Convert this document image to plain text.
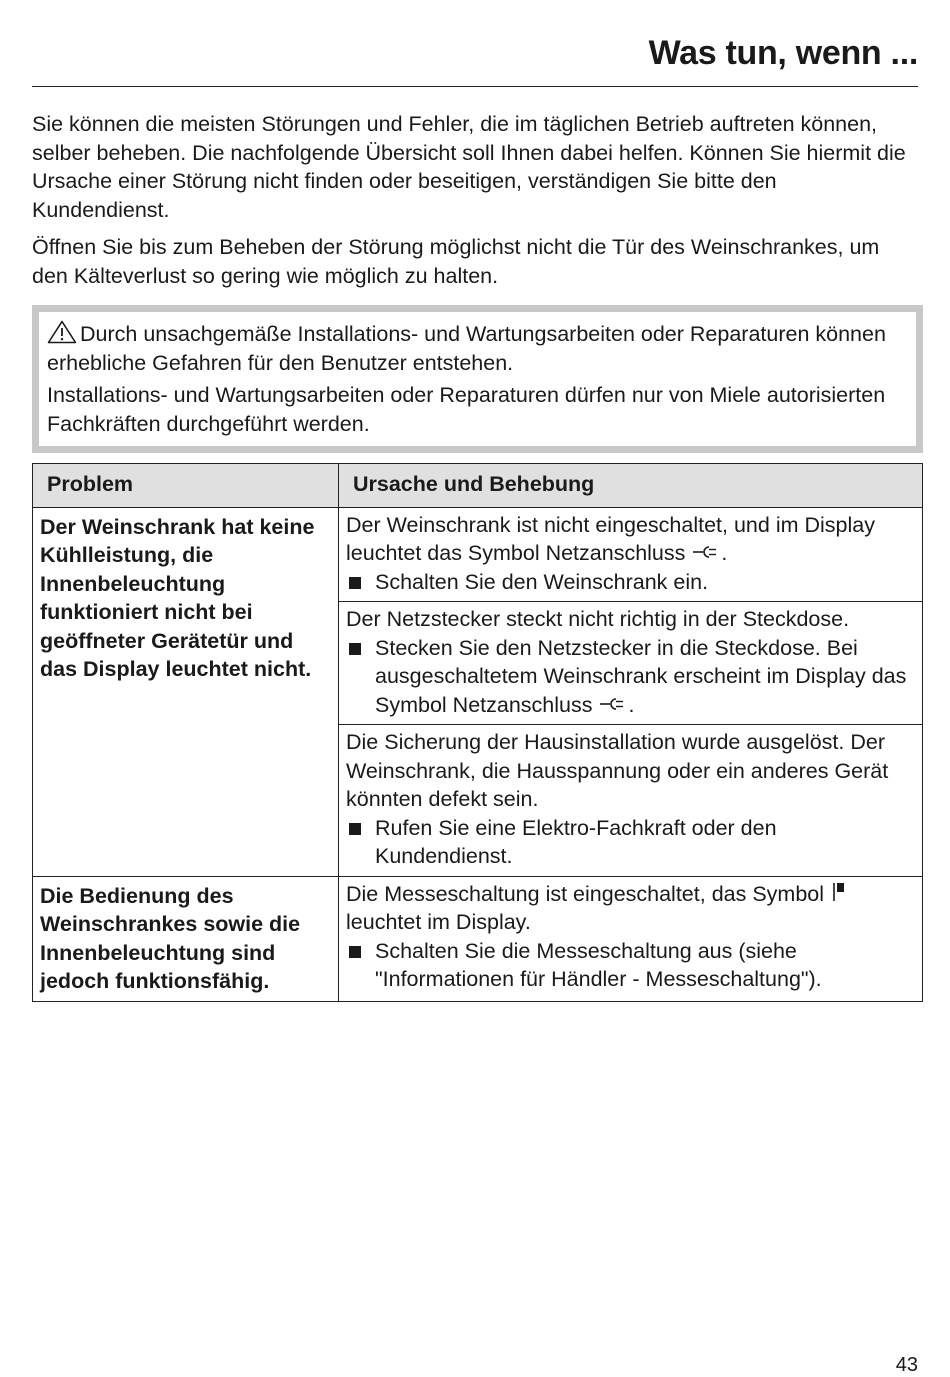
Was tun, wenn ...

Sie können die meisten Störungen und Fehler, die im täglichen Betrieb auftreten können, selber beheben. Die nachfolgende Übersicht soll Ihnen dabei helfen. Können Sie hiermit die Ursache einer Störung nicht finden oder beseitigen, verständigen Sie bitte den Kundendienst.

Öffnen Sie bis zum Beheben der Störung möglichst nicht die Tür des Weinschrankes, um den Kälteverlust so gering wie möglich zu halten.

Durch unsachgemäße Installations- und Wartungsarbeiten oder Reparaturen können erhebliche Gefahren für den Benutzer entstehen.

Installations- und Wartungsarbeiten oder Reparaturen dürfen nur von Miele autorisierten Fachkräften durchgeführt werden.

Problem	Ursache und Behebung
Der Weinschrank hat keine Kühlleistung, die Innenbeleuchtung funktioniert nicht bei geöffneter Gerätetür und das Display leuchtet nicht.	Der Weinschrank ist nicht eingeschaltet, und im Display leuchtet das Symbol Netzanschluss .
Schalten Sie den Weinschrank ein.

	Der Netzstecker steckt nicht richtig in der Steckdose.
Stecken Sie den Netzstecker in die Steckdose. Bei ausgeschaltetem Weinschrank erscheint im Display das Symbol Netzanschluss .

	Die Sicherung der Hausinstallation wurde ausgelöst. Der Weinschrank, die Hausspannung oder ein anderes Gerät könnten defekt sein.
Rufen Sie eine Elektro-Fachkraft oder den Kundendienst.

Die Bedienung des Weinschrankes sowie die Innenbeleuchtung sind jedoch funktionsfähig.	Die Messeschaltung ist eingeschaltet, das Symbol
leuchtet im Display.
Schalten Sie die Messeschaltung aus (siehe "Informationen für Händler - Messeschaltung").
43
